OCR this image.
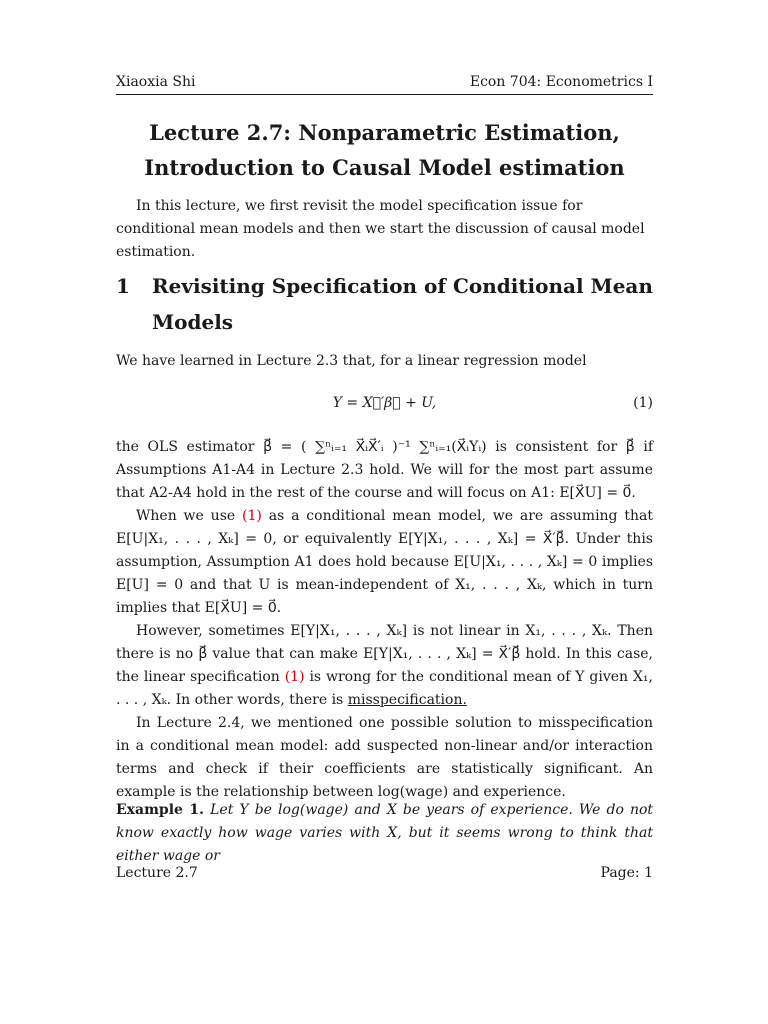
Xiaoxia Shi	Econ 704: Econometrics I
Lecture 2.7: Nonparametric Estimation,
Introduction to Causal Model estimation

In this lecture, we first revisit the model specification issue for conditional mean models and then we start the discussion of causal model estimation.

1	Revisiting Specification of Conditional Mean Models

We have learned in Lecture 2.3 that, for a linear regression model

Y = X⃗′β⃗ + U,	(1)

the OLS estimator β⃗ = ( ∑ⁿᵢ₌₁ X⃗ᵢX⃗′ᵢ )⁻¹ ∑ⁿᵢ₌₁(X⃗ᵢYᵢ) is consistent for β⃗ if Assumptions A1-A4 in Lecture 2.3 hold. We will for the most part assume that A2-A4 hold in the rest of the course and will focus on A1: E[X⃗U] = 0⃗.

When we use (1) as a conditional mean model, we are assuming that E[U|X₁, . . . , Xₖ] = 0, or equivalently E[Y|X₁, . . . , Xₖ] = X⃗′β⃗. Under this assumption, Assumption A1 does hold because E[U|X₁, . . . , Xₖ] = 0 implies E[U] = 0 and that U is mean-independent of X₁, . . . , Xₖ, which in turn implies that E[X⃗U] = 0⃗.

However, sometimes E[Y|X₁, . . . , Xₖ] is not linear in X₁, . . . , Xₖ. Then there is no β⃗ value that can make E[Y|X₁, . . . , Xₖ] = X⃗′β⃗ hold. In this case, the linear specification (1) is wrong for the conditional mean of Y given X₁, . . . , Xₖ. In other words, there is misspecification.

In Lecture 2.4, we mentioned one possible solution to misspecification in a conditional mean model: add suspected non-linear and/or interaction terms and check if their coefficients are statistically significant. An example is the relationship between log(wage) and experience.

Example 1. Let Y be log(wage) and X be years of experience. We do not know exactly how wage varies with X, but it seems wrong to think that either wage or

Lecture 2.7	Page: 1
